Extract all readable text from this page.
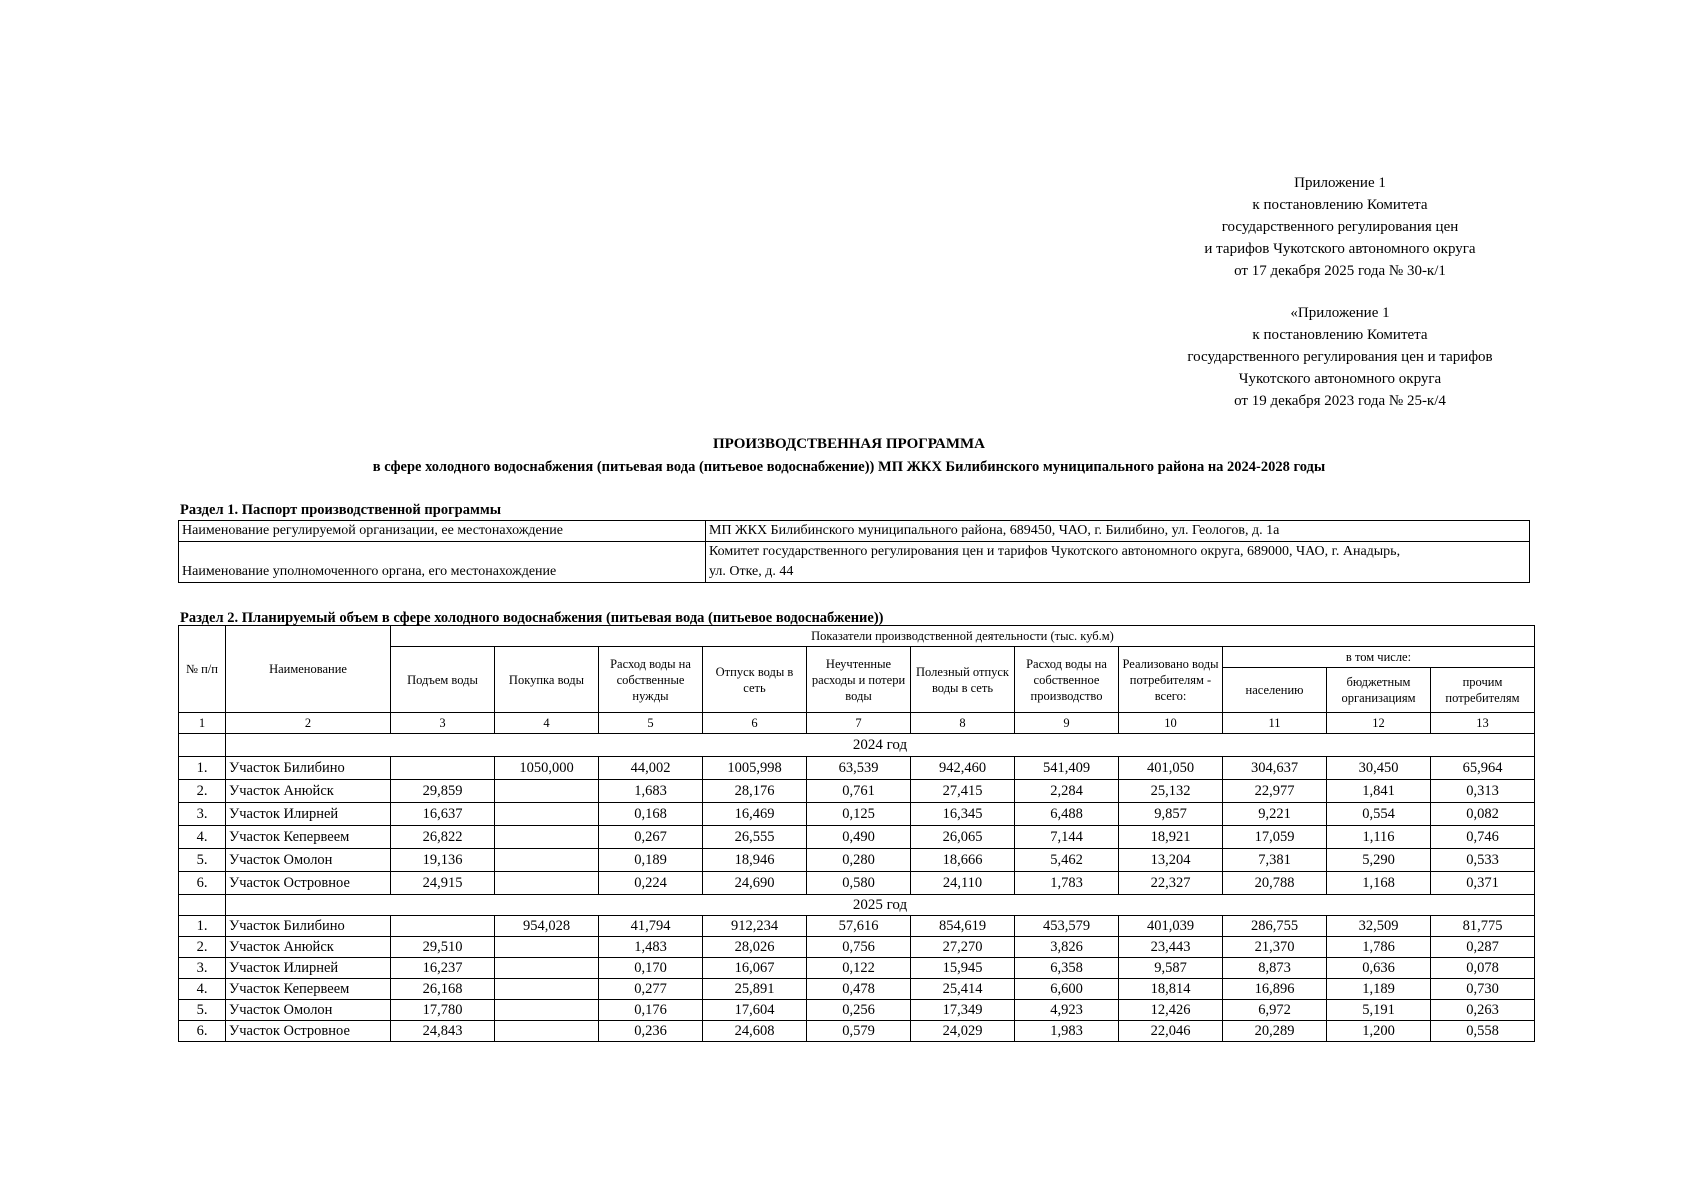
Приложение 1
к постановлению Комитета
государственного регулирования цен
и тарифов Чукотского автономного округа
от 17 декабря 2025 года № 30-к/1
«Приложение 1
к постановлению Комитета
государственного регулирования цен и тарифов
Чукотского автономного округа
от 19 декабря 2023 года № 25-к/4
ПРОИЗВОДСТВЕННАЯ ПРОГРАММА
в сфере холодного водоснабжения (питьевая вода (питьевое водоснабжение)) МП ЖКХ Билибинского муниципального района на 2024-2028 годы
Раздел 1. Паспорт производственной программы
Наименование регулируемой организации, ее местонахождение	МП ЖКХ Билибинского муниципального района, 689450, ЧАО, г. Билибино, ул. Геологов, д. 1а
Наименование уполномоченного органа, его местонахождение	Комитет государственного регулирования цен и тарифов Чукотского автономного округа, 689000, ЧАО, г. Анадырь,
ул. Отке, д. 44
Раздел 2. Планируемый объем в сфере холодного водоснабжения (питьевая вода (питьевое водоснабжение))
№ п/п	Наименование	Показатели производственной деятельности (тыс. куб.м)										
		Подъем воды	Покупка воды	Расход воды на собственные нужды	Отпуск воды в сеть	Неучтенные расходы и потери воды	Полезный отпуск воды в сеть	Расход воды на собственное производство	Реализовано воды потребителям - всего:	в том числе:		
										населению	бюджетным организациям	прочим потребителям
1	2	3	4	5	6	7	8	9	10	11	12	13
	2024 год											
1.	Участок Билибино		1050,000	44,002	1005,998	63,539	942,460	541,409	401,050	304,637	30,450	65,964
2.	Участок Анюйск	29,859		1,683	28,176	0,761	27,415	2,284	25,132	22,977	1,841	0,313
3.	Участок Илирней	16,637		0,168	16,469	0,125	16,345	6,488	9,857	9,221	0,554	0,082
4.	Участок Кепервеем	26,822		0,267	26,555	0,490	26,065	7,144	18,921	17,059	1,116	0,746
5.	Участок Омолон	19,136		0,189	18,946	0,280	18,666	5,462	13,204	7,381	5,290	0,533
6.	Участок Островное	24,915		0,224	24,690	0,580	24,110	1,783	22,327	20,788	1,168	0,371
	2025 год											
1.	Участок Билибино		954,028	41,794	912,234	57,616	854,619	453,579	401,039	286,755	32,509	81,775
2.	Участок Анюйск	29,510		1,483	28,026	0,756	27,270	3,826	23,443	21,370	1,786	0,287
3.	Участок Илирней	16,237		0,170	16,067	0,122	15,945	6,358	9,587	8,873	0,636	0,078
4.	Участок Кепервеем	26,168		0,277	25,891	0,478	25,414	6,600	18,814	16,896	1,189	0,730
5.	Участок Омолон	17,780		0,176	17,604	0,256	17,349	4,923	12,426	6,972	5,191	0,263
6.	Участок Островное	24,843		0,236	24,608	0,579	24,029	1,983	22,046	20,289	1,200	0,558
